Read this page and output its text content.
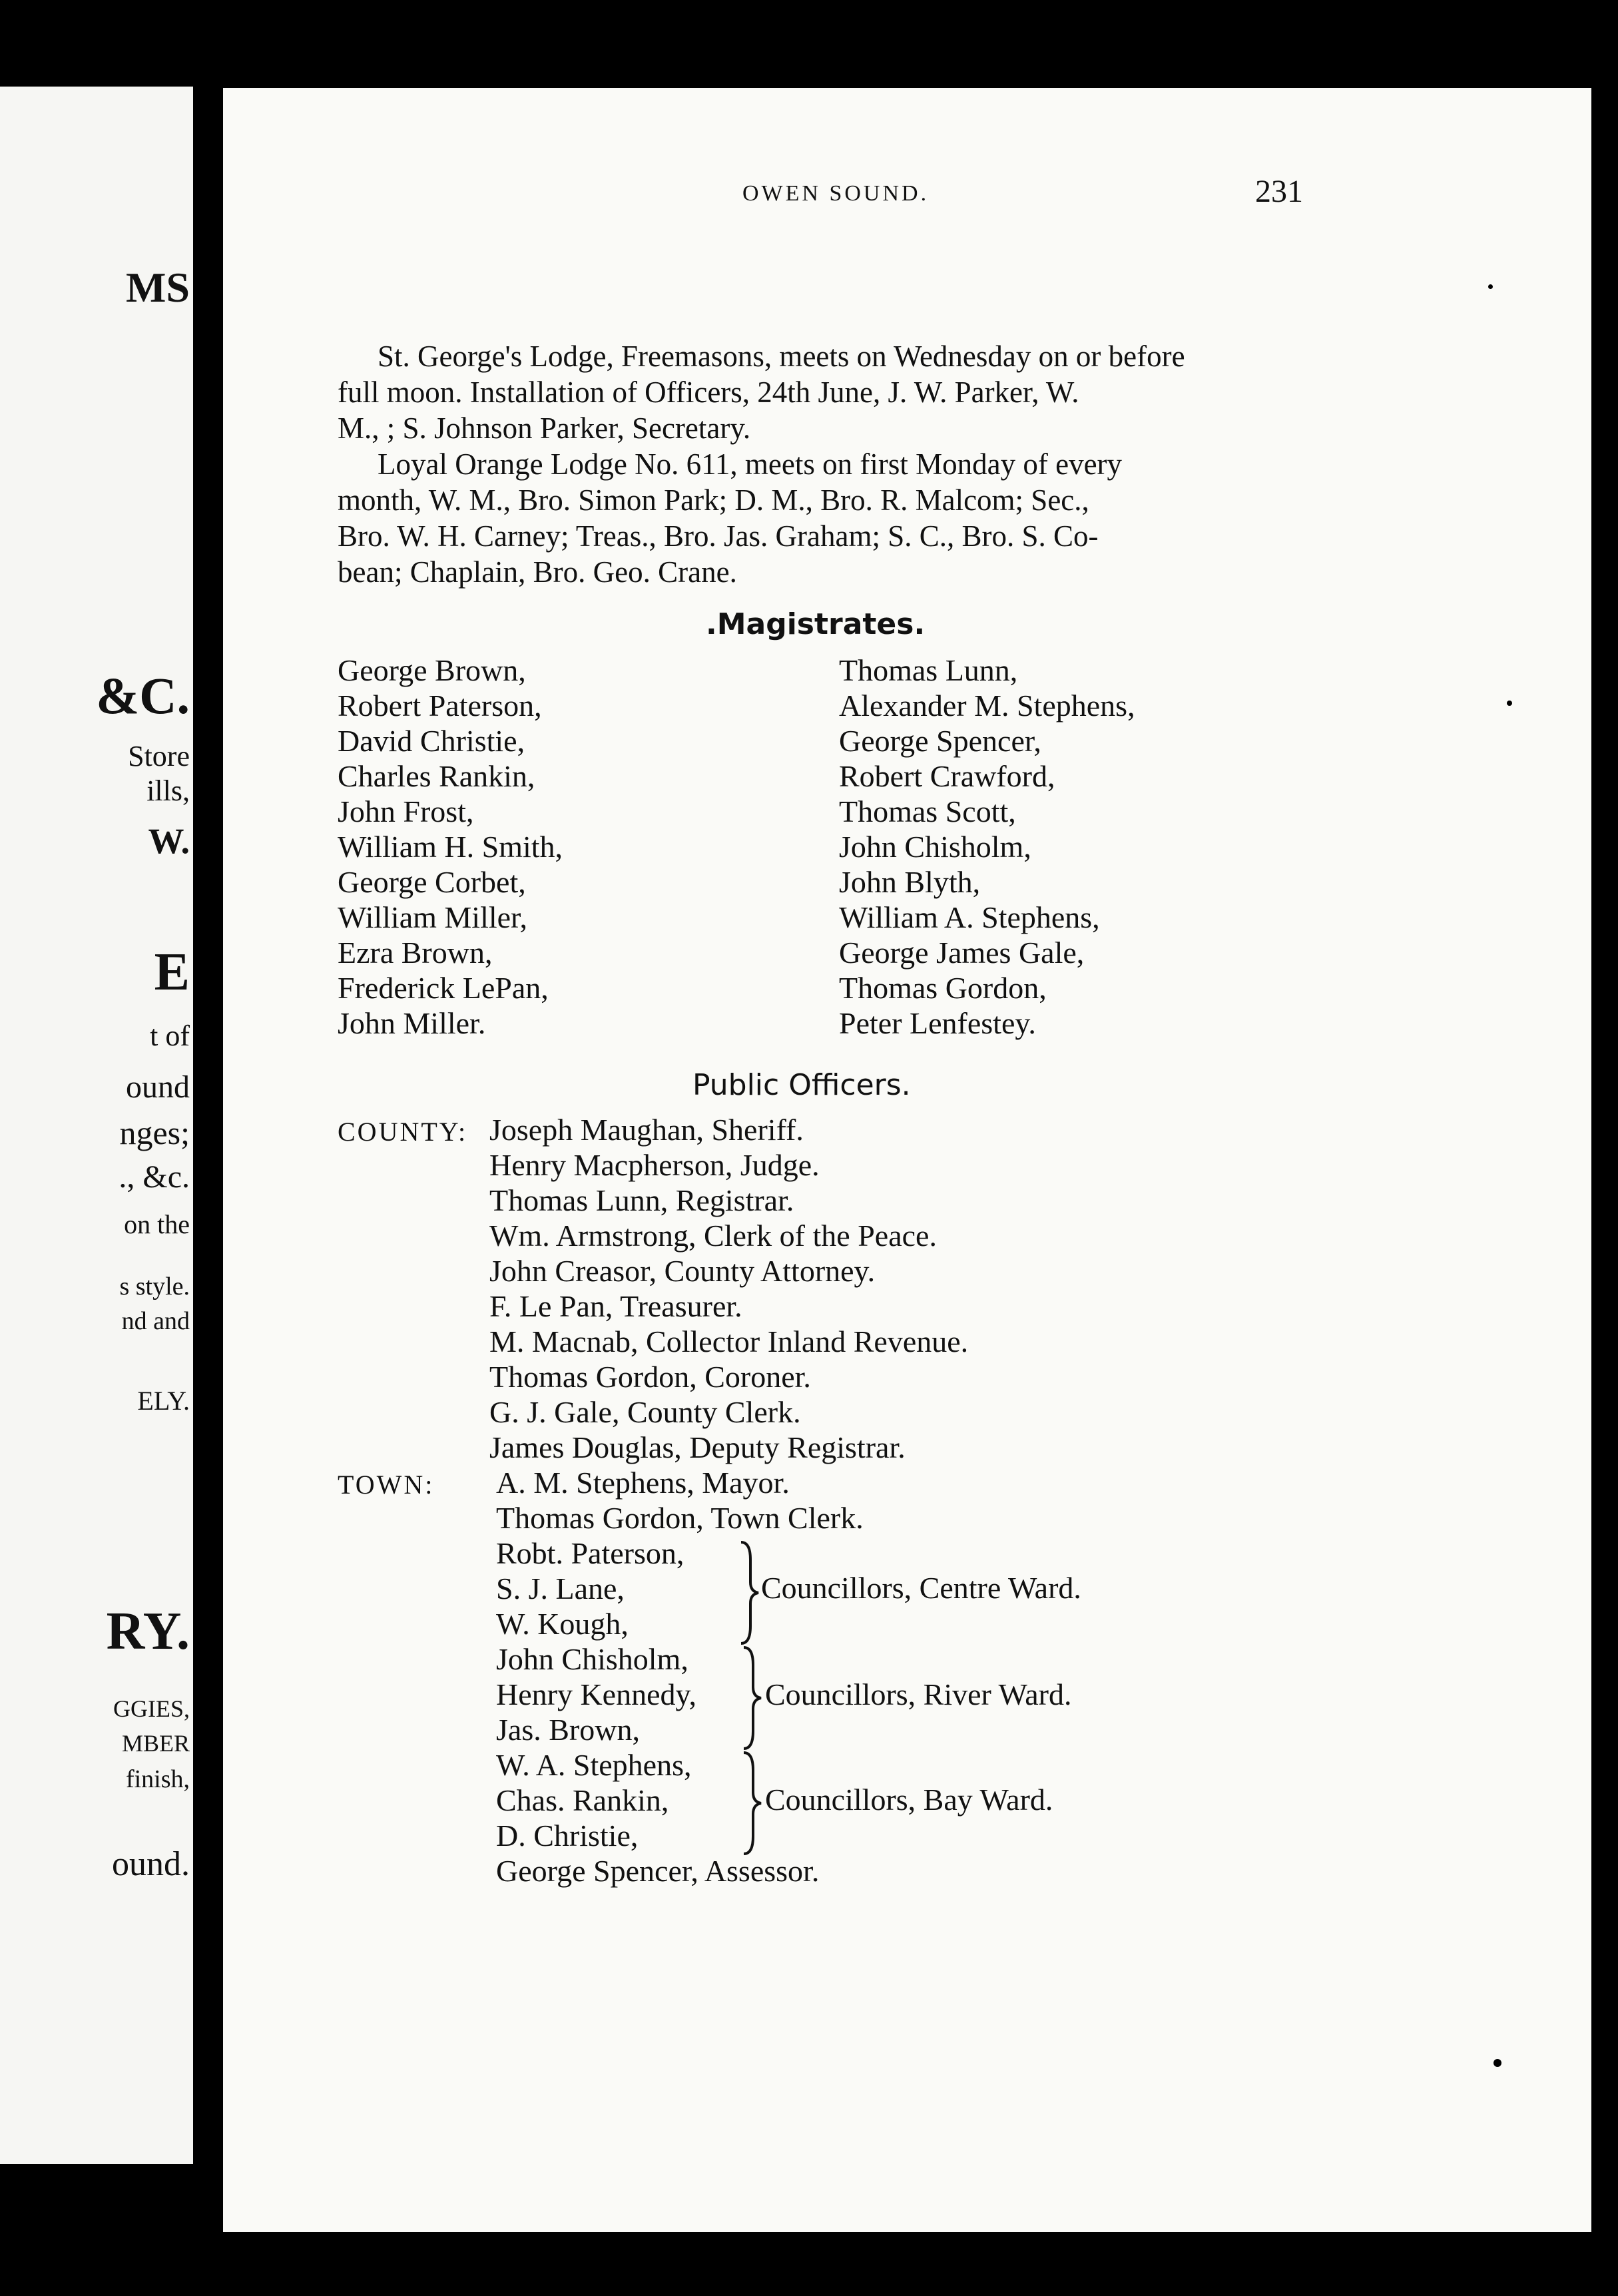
MS
&C.
Store
ills,
W.
E
t of
ound
nges;
., &c.
on the
s style.
nd and
ELY.
RY.
GGIES,
MBER
finish,
ound.
OWEN SOUND.	231
St. George's Lodge, Freemasons, meets on Wednesday on or before
full moon. Installation of Officers, 24th June, J. W. Parker, W.
M., ; S. Johnson Parker, Secretary.
Loyal Orange Lodge No. 611, meets on first Monday of every
month, W. M., Bro. Simon Park; D. M., Bro. R. Malcom; Sec.,
Bro. W. H. Carney; Treas., Bro. Jas. Graham; S. C., Bro. S. Co-
bean; Chaplain, Bro. Geo. Crane.
.Magistrates.
George Brown,
Robert Paterson,
David Christie,
Charles Rankin,
John Frost,
William H. Smith,
George Corbet,
William Miller,
Ezra Brown,
Frederick LePan,
John Miller.
Thomas Lunn,
Alexander M. Stephens,
George Spencer,
Robert Crawford,
Thomas Scott,
John Chisholm,
John Blyth,
William A. Stephens,
George James Gale,
Thomas Gordon,
Peter Lenfestey.
Public Officers.
COUNTY: Joseph Maughan, Sheriff.
Henry Macpherson, Judge.
Thomas Lunn, Registrar.
Wm. Armstrong, Clerk of the Peace.
John Creasor, County Attorney.
F. Le Pan, Treasurer.
M. Macnab, Collector Inland Revenue.
Thomas Gordon, Coroner.
G. J. Gale, County Clerk.
James Douglas, Deputy Registrar.
TOWN: A. M. Stephens, Mayor.
Thomas Gordon, Town Clerk.
Robt. Paterson,
S. J. Lane,
W. Kough,
Councillors, Centre Ward.
John Chisholm,
Henry Kennedy,
Jas. Brown,
Councillors, River Ward.
W. A. Stephens,
Chas. Rankin,
D. Christie,
Councillors, Bay Ward.
George Spencer, Assessor.
